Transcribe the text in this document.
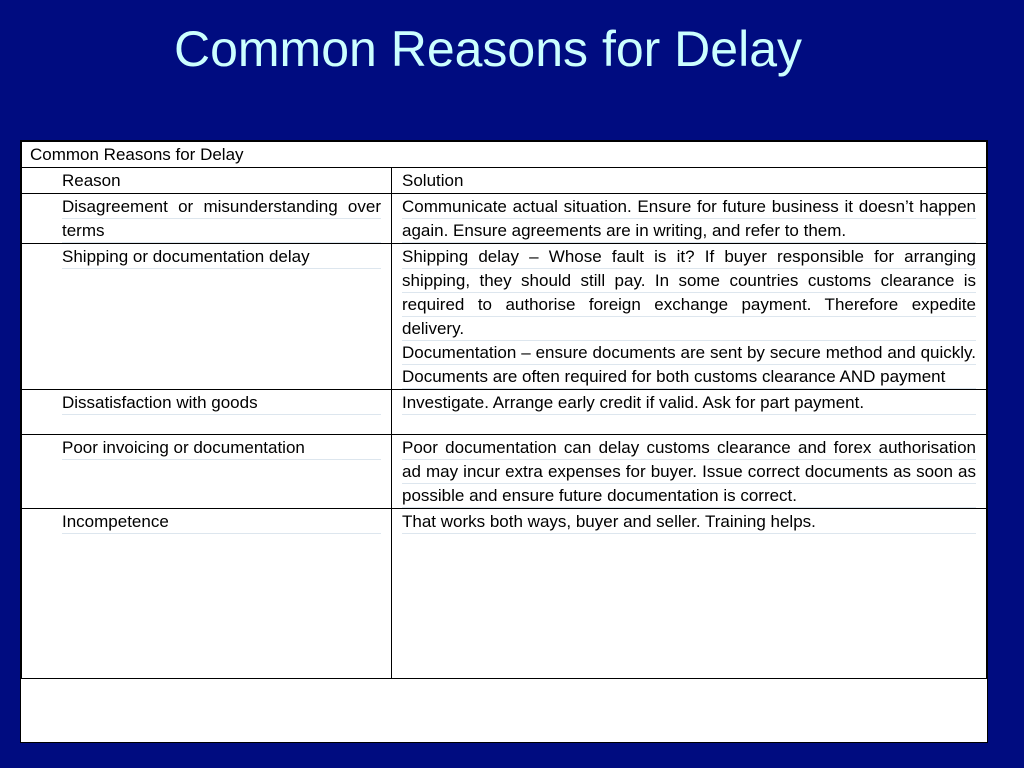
Common Reasons for Delay
Common Reasons for Delay	
Reason	Solution

Disagreement or misunderstanding over terms	Communicate actual situation. Ensure for future business it doesn’t happen again. Ensure agreements are in writing, and refer to them.

Shipping or documentation delay	Shipping delay – Whose fault is it? If buyer responsible for arranging shipping, they should still pay. In some countries customs clearance is required to authorise foreign exchange payment. Therefore expedite delivery.

Documentation – ensure documents are sent by secure method and quickly. Documents are often required for both customs clearance AND payment

Dissatisfaction with goods	Investigate. Arrange early credit if valid. Ask for part payment.

Poor invoicing or documentation	Poor documentation can delay customs clearance and forex authorisation ad may incur extra expenses for buyer. Issue correct documents as soon as possible and ensure future documentation is correct.

Incompetence	That works both ways, buyer and seller. Training helps.
